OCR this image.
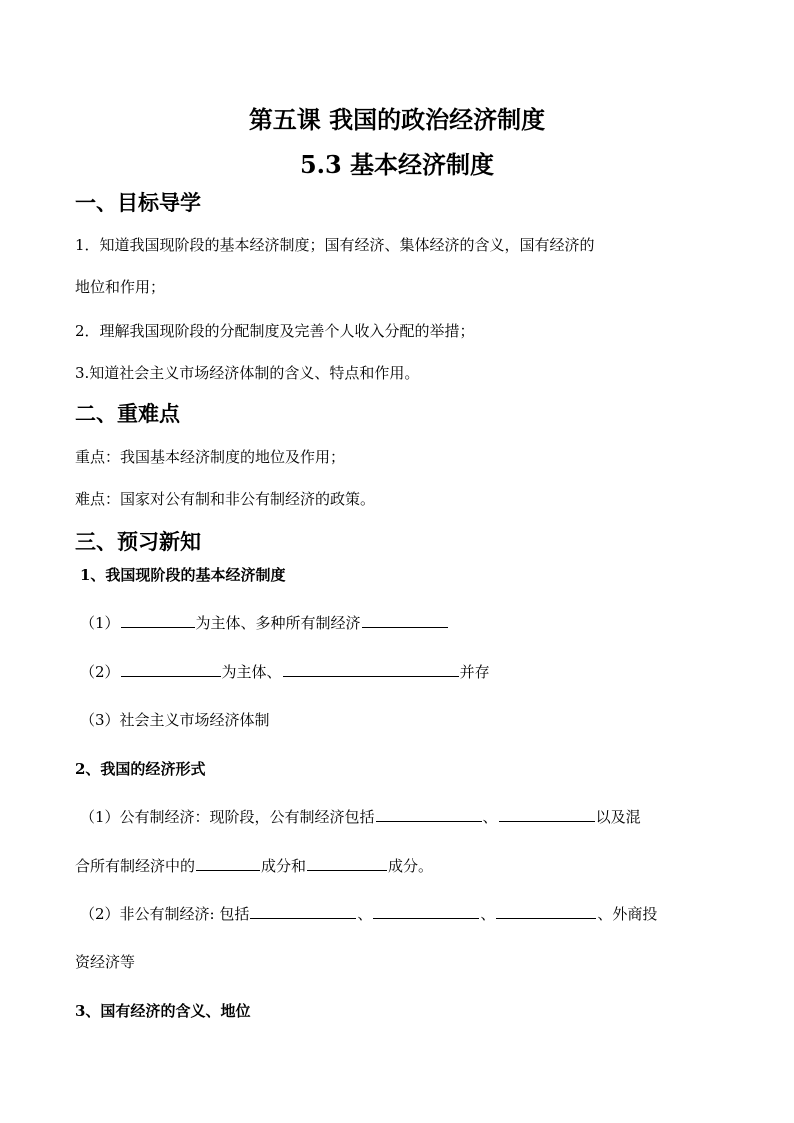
第五课 我国的政治经济制度
5.3 基本经济制度
一、目标导学
1．知道我国现阶段的基本经济制度；国有经济、集体经济的含义，国有经济的
地位和作用；
2．理解我国现阶段的分配制度及完善个人收入分配的举措；
3.知道社会主义市场经济体制的含义、特点和作用。
二、重难点
重点：我国基本经济制度的地位及作用；
难点：国家对公有制和非公有制经济的政策。
三、预习新知
1、我国现阶段的基本经济制度
（1）	为主体、多种所有制经济
（2）	为主体、	并存
（3）社会主义市场经济体制
2、我国的经济形式
（1）公有制经济：现阶段，公有制经济包括	、	以及混
合所有制经济中的	成分和	成分。
（2）非公有制经济: 包括	、	、	、外商投
资经济等
3、国有经济的含义、地位
